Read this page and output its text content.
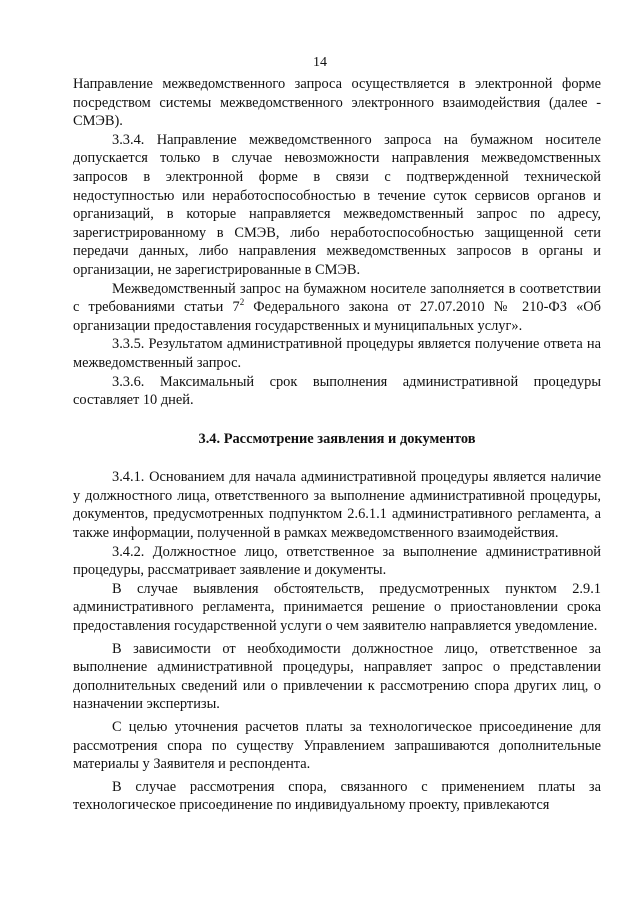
14

Направление межведомственного запроса осуществляется в электронной форме посредством системы межведомственного электронного взаимодействия (далее - СМЭВ).

3.3.4. Направление межведомственного запроса на бумажном носителе допускается только в случае невозможности направления межведомственных запросов в электронной форме в связи с подтвержденной технической недоступностью или неработоспособностью в течение суток сервисов органов и организаций, в которые направляется межведомственный запрос по адресу, зарегистрированному в СМЭВ, либо неработоспособностью защищенной сети передачи данных, либо направления межведомственных запросов в органы и организации, не зарегистрированные в СМЭВ.

Межведомственный запрос на бумажном носителе заполняется в соответствии с требованиями статьи $7^2$ Федерального закона от 27.07.2010 № 210-ФЗ «Об организации предоставления государственных и муниципальных услуг».

3.3.5. Результатом административной процедуры является получение ответа на межведомственный запрос.

3.3.6. Максимальный срок выполнения административной процедуры составляет 10 дней.

3.4. Рассмотрение заявления и документов

3.4.1. Основанием для начала административной процедуры является наличие у должностного лица, ответственного за выполнение административной процедуры, документов, предусмотренных подпунктом 2.6.1.1 административного регламента, а также информации, полученной в рамках межведомственного взаимодействия.

3.4.2. Должностное лицо, ответственное за выполнение административной процедуры, рассматривает заявление и документы.

В случае выявления обстоятельств, предусмотренных пунктом 2.9.1 административного регламента, принимается решение о приостановлении срока предоставления государственной услуги о чем заявителю направляется уведомление.

В зависимости от необходимости должностное лицо, ответственное за выполнение административной процедуры, направляет запрос о представлении дополнительных сведений или о привлечении к рассмотрению спора других лиц, о назначении экспертизы.

С целью уточнения расчетов платы за технологическое присоединение для рассмотрения спора по существу Управлением запрашиваются дополнительные материалы у Заявителя и респондента.

В случае рассмотрения спора, связанного с применением платы за технологическое присоединение по индивидуальному проекту, привлекаются
